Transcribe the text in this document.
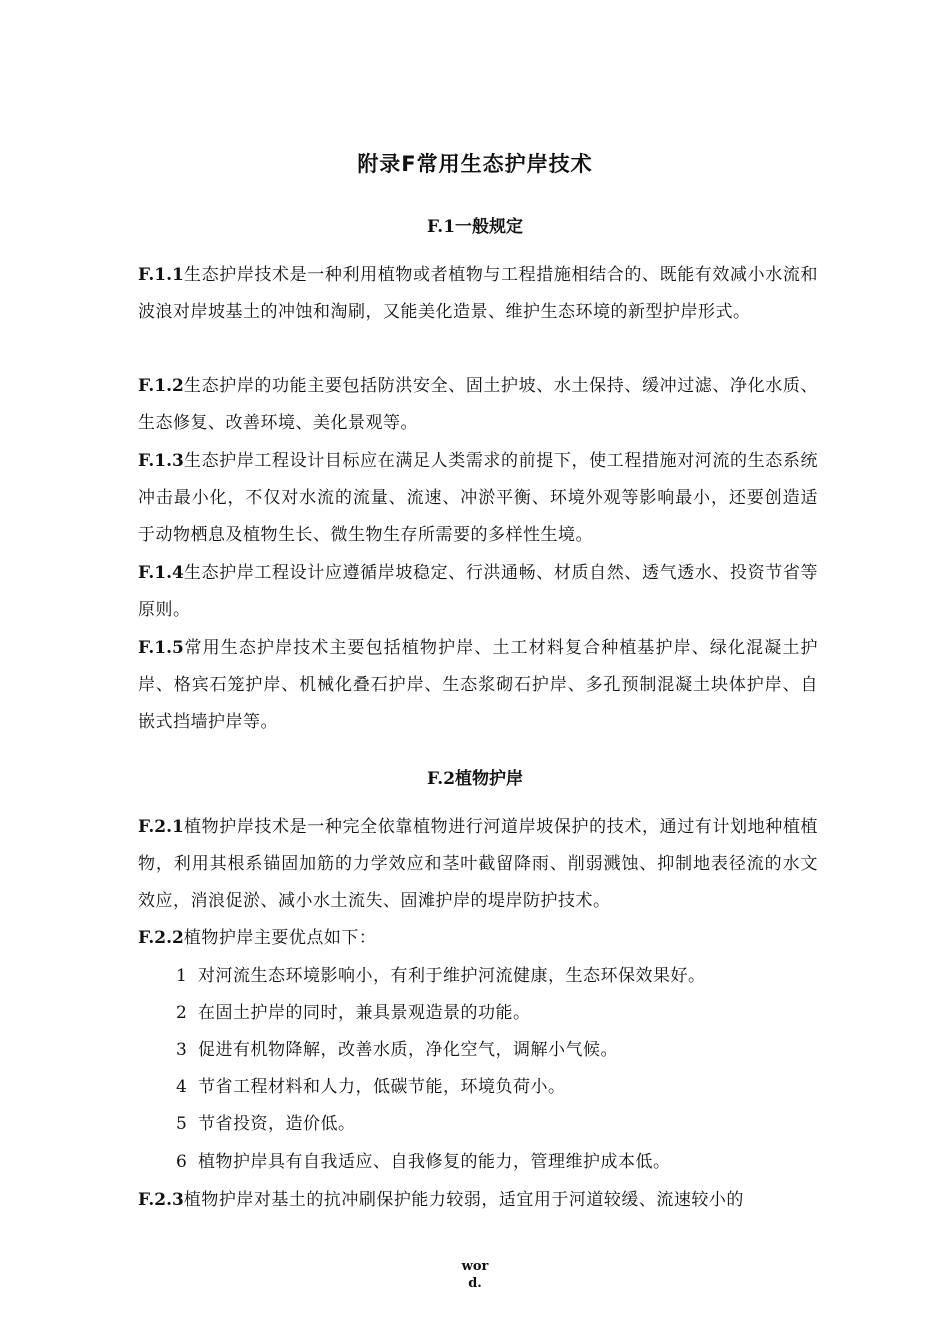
附录F常用生态护岸技术
F.1一般规定

F.1.1生态护岸技术是一种利用植物或者植物与工程措施相结合的、既能有效减小水流和波浪对岸坡基土的冲蚀和淘刷，又能美化造景、维护生态环境的新型护岸形式。

F.1.2生态护岸的功能主要包括防洪安全、固土护坡、水土保持、缓冲过滤、净化水质、生态修复、改善环境、美化景观等。

F.1.3生态护岸工程设计目标应在满足人类需求的前提下，使工程措施对河流的生态系统冲击最小化，不仅对水流的流量、流速、冲淤平衡、环境外观等影响最小，还要创造适于动物栖息及植物生长、微生物生存所需要的多样性生境。

F.1.4生态护岸工程设计应遵循岸坡稳定、行洪通畅、材质自然、透气透水、投资节省等原则。

F.1.5常用生态护岸技术主要包括植物护岸、土工材料复合种植基护岸、绿化混凝土护岸、格宾石笼护岸、机械化叠石护岸、生态浆砌石护岸、多孔预制混凝土块体护岸、自嵌式挡墙护岸等。

F.2植物护岸

F.2.1植物护岸技术是一种完全依靠植物进行河道岸坡保护的技术，通过有计划地种植植物，利用其根系锚固加筋的力学效应和茎叶截留降雨、削弱溅蚀、抑制地表径流的水文效应，消浪促淤、减小水土流失、固滩护岸的堤岸防护技术。

F.2.2植物护岸主要优点如下：

1 对河流生态环境影响小，有利于维护河流健康，生态环保效果好。

2 在固土护岸的同时，兼具景观造景的功能。

3 促进有机物降解，改善水质，净化空气，调解小气候。

4 节省工程材料和人力，低碳节能，环境负荷小。

5 节省投资，造价低。

6 植物护岸具有自我适应、自我修复的能力，管理维护成本低。

F.2.3植物护岸对基土的抗冲刷保护能力较弱，适宜用于河道较缓、流速较小的

wor
d.
